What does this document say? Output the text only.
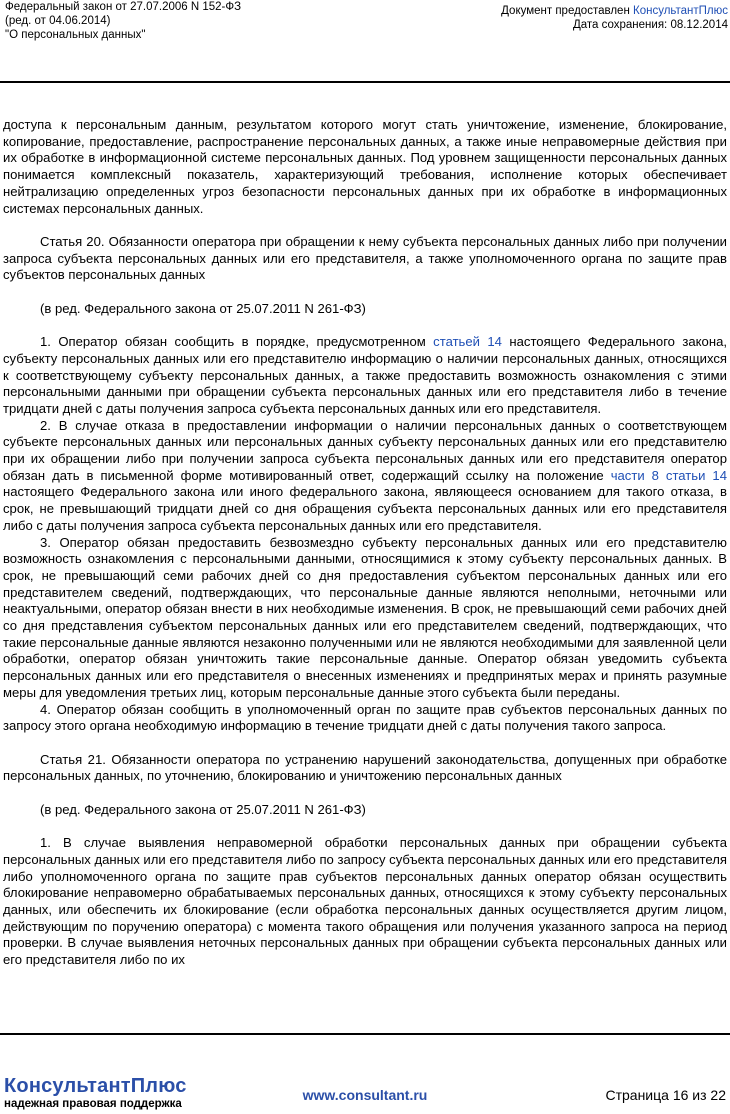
Федеральный закон от 27.07.2006 N 152-ФЗ
(ред. от 04.06.2014)
"О персональных данных"
Документ предоставлен КонсультантПлюс
Дата сохранения: 08.12.2014

доступа к персональным данным, результатом которого могут стать уничтожение, изменение, блокирование, копирование, предоставление, распространение персональных данных, а также иные неправомерные действия при их обработке в информационной системе персональных данных. Под уровнем защищенности персональных данных понимается комплексный показатель, характеризующий требования, исполнение которых обеспечивает нейтрализацию определенных угроз безопасности персональных данных при их обработке в информационных системах персональных данных.

Статья 20. Обязанности оператора при обращении к нему субъекта персональных данных либо при получении запроса субъекта персональных данных или его представителя, а также уполномоченного органа по защите прав субъектов персональных данных

(в ред. Федерального закона от 25.07.2011 N 261-ФЗ)

1. Оператор обязан сообщить в порядке, предусмотренном статьей 14 настоящего Федерального закона, субъекту персональных данных или его представителю информацию о наличии персональных данных, относящихся к соответствующему субъекту персональных данных, а также предоставить возможность ознакомления с этими персональными данными при обращении субъекта персональных данных или его представителя либо в течение тридцати дней с даты получения запроса субъекта персональных данных или его представителя.

2. В случае отказа в предоставлении информации о наличии персональных данных о соответствующем субъекте персональных данных или персональных данных субъекту персональных данных или его представителю при их обращении либо при получении запроса субъекта персональных данных или его представителя оператор обязан дать в письменной форме мотивированный ответ, содержащий ссылку на положение части 8 статьи 14 настоящего Федерального закона или иного федерального закона, являющееся основанием для такого отказа, в срок, не превышающий тридцати дней со дня обращения субъекта персональных данных или его представителя либо с даты получения запроса субъекта персональных данных или его представителя.

3. Оператор обязан предоставить безвозмездно субъекту персональных данных или его представителю возможность ознакомления с персональными данными, относящимися к этому субъекту персональных данных. В срок, не превышающий семи рабочих дней со дня предоставления субъектом персональных данных или его представителем сведений, подтверждающих, что персональные данные являются неполными, неточными или неактуальными, оператор обязан внести в них необходимые изменения. В срок, не превышающий семи рабочих дней со дня представления субъектом персональных данных или его представителем сведений, подтверждающих, что такие персональные данные являются незаконно полученными или не являются необходимыми для заявленной цели обработки, оператор обязан уничтожить такие персональные данные. Оператор обязан уведомить субъекта персональных данных или его представителя о внесенных изменениях и предпринятых мерах и принять разумные меры для уведомления третьих лиц, которым персональные данные этого субъекта были переданы.

4. Оператор обязан сообщить в уполномоченный орган по защите прав субъектов персональных данных по запросу этого органа необходимую информацию в течение тридцати дней с даты получения такого запроса.

Статья 21. Обязанности оператора по устранению нарушений законодательства, допущенных при обработке персональных данных, по уточнению, блокированию и уничтожению персональных данных

(в ред. Федерального закона от 25.07.2011 N 261-ФЗ)

1. В случае выявления неправомерной обработки персональных данных при обращении субъекта персональных данных или его представителя либо по запросу субъекта персональных данных или его представителя либо уполномоченного органа по защите прав субъектов персональных данных оператор обязан осуществить блокирование неправомерно обрабатываемых персональных данных, относящихся к этому субъекту персональных данных, или обеспечить их блокирование (если обработка персональных данных осуществляется другим лицом, действующим по поручению оператора) с момента такого обращения или получения указанного запроса на период проверки. В случае выявления неточных персональных данных при обращении субъекта персональных данных или его представителя либо по их

КонсультантПлюс
надежная правовая поддержка
www.consultant.ru	Страница 16 из 22
